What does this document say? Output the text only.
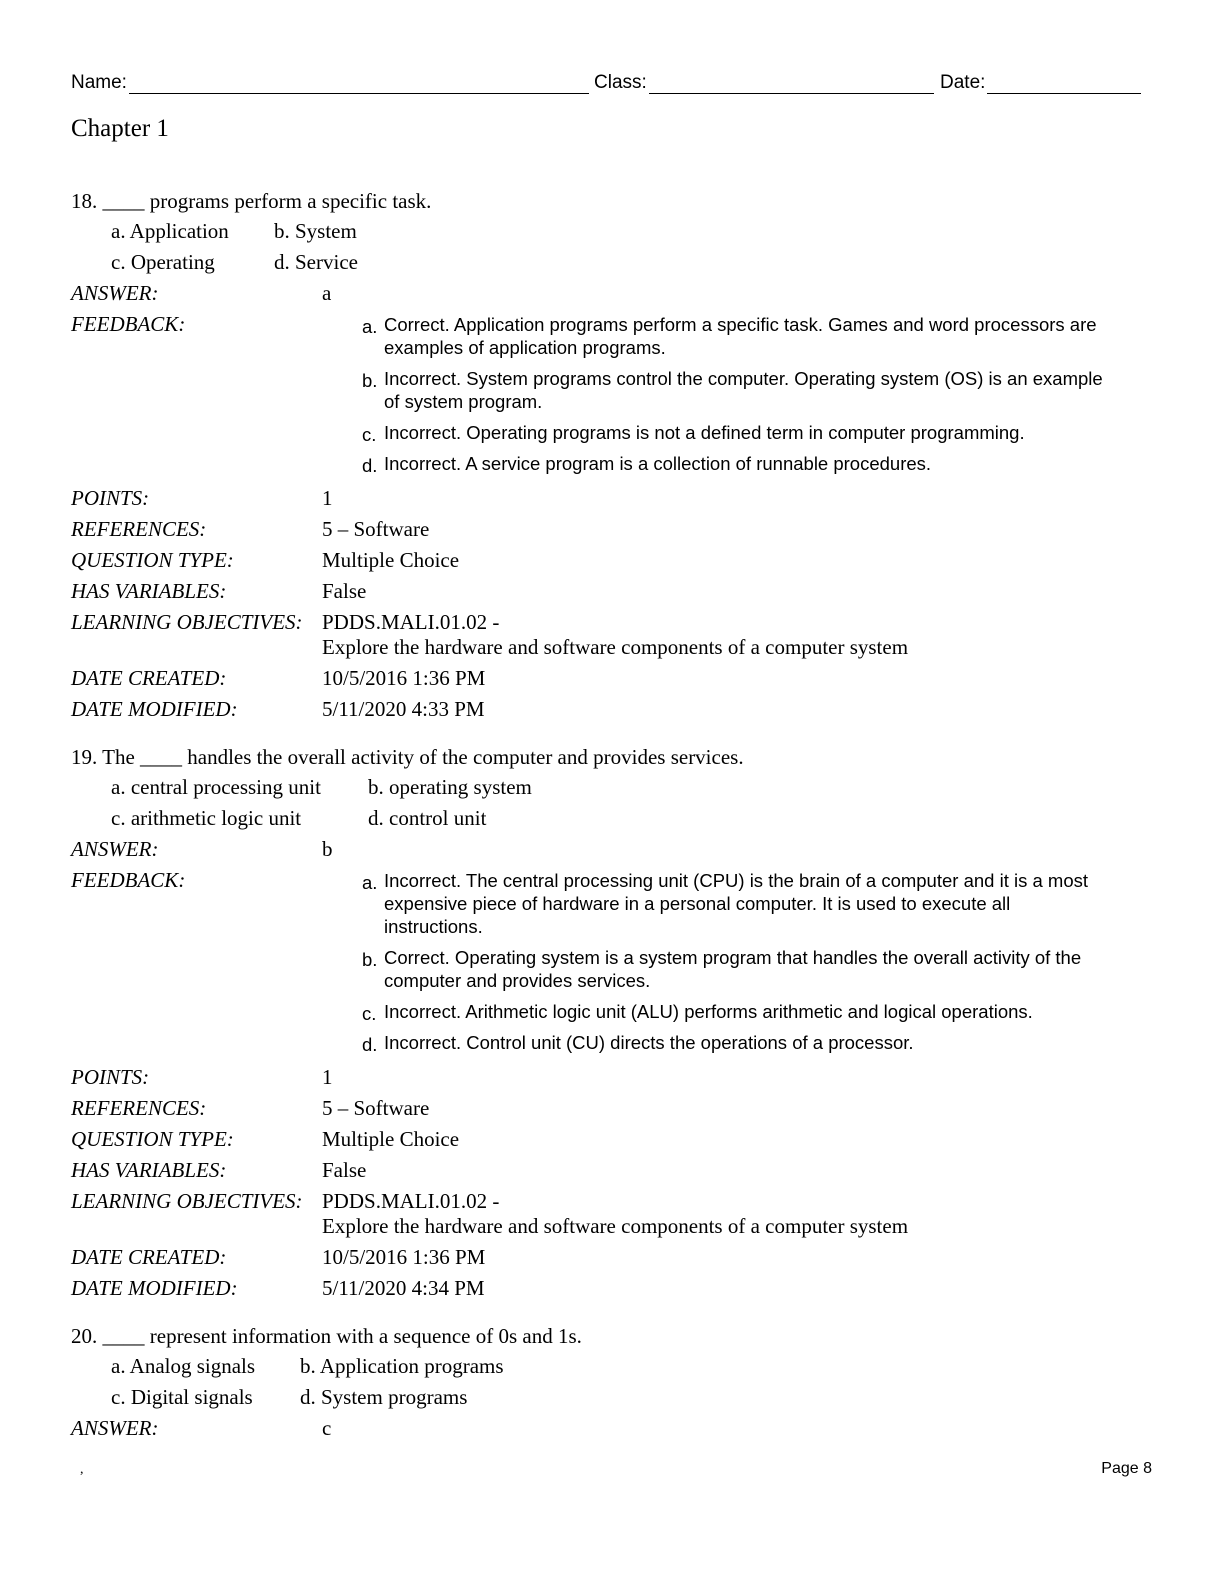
Name:	Class:	Date:
Chapter 1
18. ____ programs perform a specific task.
a. Application b. System
c. Operating	d. Service
ANSWER:	a
FEEDBACK:	a. Correct. Application programs perform a specific task. Games and word processors are examples of application programs.
b. Incorrect. System programs control the computer. Operating system (OS) is an example of system program.
c. Incorrect. Operating programs is not a defined term in computer programming.
d. Incorrect. A service program is a collection of runnable procedures.
POINTS:	1
REFERENCES:	5 – Software
QUESTION TYPE:	Multiple Choice
HAS VARIABLES:	False
LEARNING OBJECTIVES: PDDS.MALI.01.02 -
Explore the hardware and software components of a computer system
DATE CREATED:	10/5/2016 1:36 PM
DATE MODIFIED:	5/11/2020 4:33 PM
19. The ____ handles the overall activity of the computer and provides services.
a. central processing unit b. operating system
c. arithmetic logic unit	d. control unit
ANSWER:	b
FEEDBACK:	a. Incorrect. The central processing unit (CPU) is the brain of a computer and it is a most expensive piece of hardware in a personal computer. It is used to execute all instructions.
b. Correct. Operating system is a system program that handles the overall activity of the computer and provides services.
c. Incorrect. Arithmetic logic unit (ALU) performs arithmetic and logical operations.
d. Incorrect. Control unit (CU) directs the operations of a processor.
POINTS:	1
REFERENCES:	5 – Software
QUESTION TYPE:	Multiple Choice
HAS VARIABLES:	False
LEARNING OBJECTIVES: PDDS.MALI.01.02 -
Explore the hardware and software components of a computer system
DATE CREATED:	10/5/2016 1:36 PM
DATE MODIFIED:	5/11/2020 4:34 PM
20. ____ represent information with a sequence of 0s and 1s.
a. Analog signals b. Application programs
c. Digital signals d. System programs
ANSWER:	c
,	Page 8
